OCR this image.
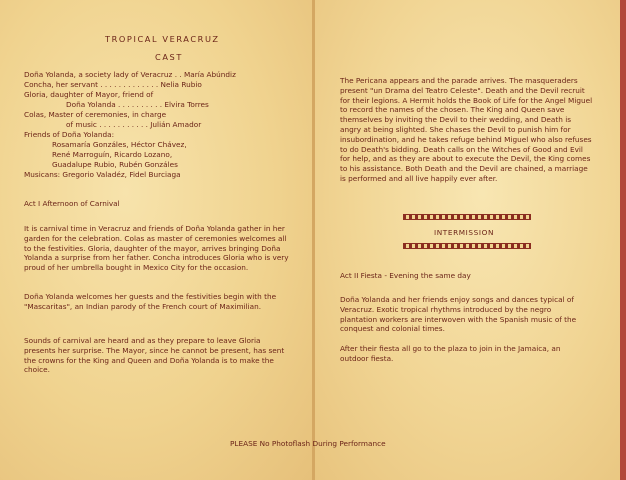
TROPICAL VERACRUZ

CAST

Doña Yolanda, a society lady of Veracruz . . María Abúndiz

Concha, her servant . . . . . . . . . . . . . Nelia Rubio

Gloria, daughter of Mayor, friend of

Doña Yolanda . . . . . . . . . . Elvira Torres

Colas, Master of ceremonies, in charge

of music . . . . . . . . . . . Julián Amador

Friends of Doña Yolanda:

Rosamaría Gonzáles, Héctor Chávez,

René Marroguín, Ricardo Lozano,

Guadalupe Rubio, Rubén Gonzáles

Musicans: Gregorio Valadéz, Fidel Burciaga

Act I Afternoon of Carnival

It is carnival time in Veracruz and friends of Doña Yolanda gather in her garden for the celebration. Colas as master of ceremonies welcomes all to the festivities. Gloria, daughter of the mayor, arrives bringing Doña Yolanda a surprise from her father. Concha introduces Gloria who is very proud of her umbrella bought in Mexico City for the occasion.

Doña Yolanda welcomes her guests and the festivities begin with the "Mascaritas", an Indian parody of the French court of Maximilian.

Sounds of carnival are heard and as they prepare to leave Gloria presents her surprise. The Mayor, since he cannot be present, has sent the crowns for the King and Queen and Doña Yolanda is to make the choice.

The Pericana appears and the parade arrives. The masqueraders present "un Drama del Teatro Celeste". Death and the Devil recruit for their legions. A Hermit holds the Book of Life for the Angel Miguel to record the names of the chosen. The King and Queen save themselves by inviting the Devil to their wedding, and Death is angry at being slighted. She chases the Devil to punish him for insubordination, and he takes refuge behind Miguel who also refuses to do Death's bidding. Death calls on the Witches of Good and Evil for help, and as they are about to execute the Devil, the King comes to his assistance. Both Death and the Devil are chained, a marriage is performed and all live happily ever after.

INTERMISSION

Act II Fiesta - Evening the same day

Doña Yolanda and her friends enjoy songs and dances typical of Veracruz. Exotic tropical rhythms introduced by the negro plantation workers are interwoven with the Spanish music of the conquest and colonial times.

After their fiesta all go to the plaza to join in the Jamaica, an outdoor fiesta.

PLEASE No Photoflash During Performance
